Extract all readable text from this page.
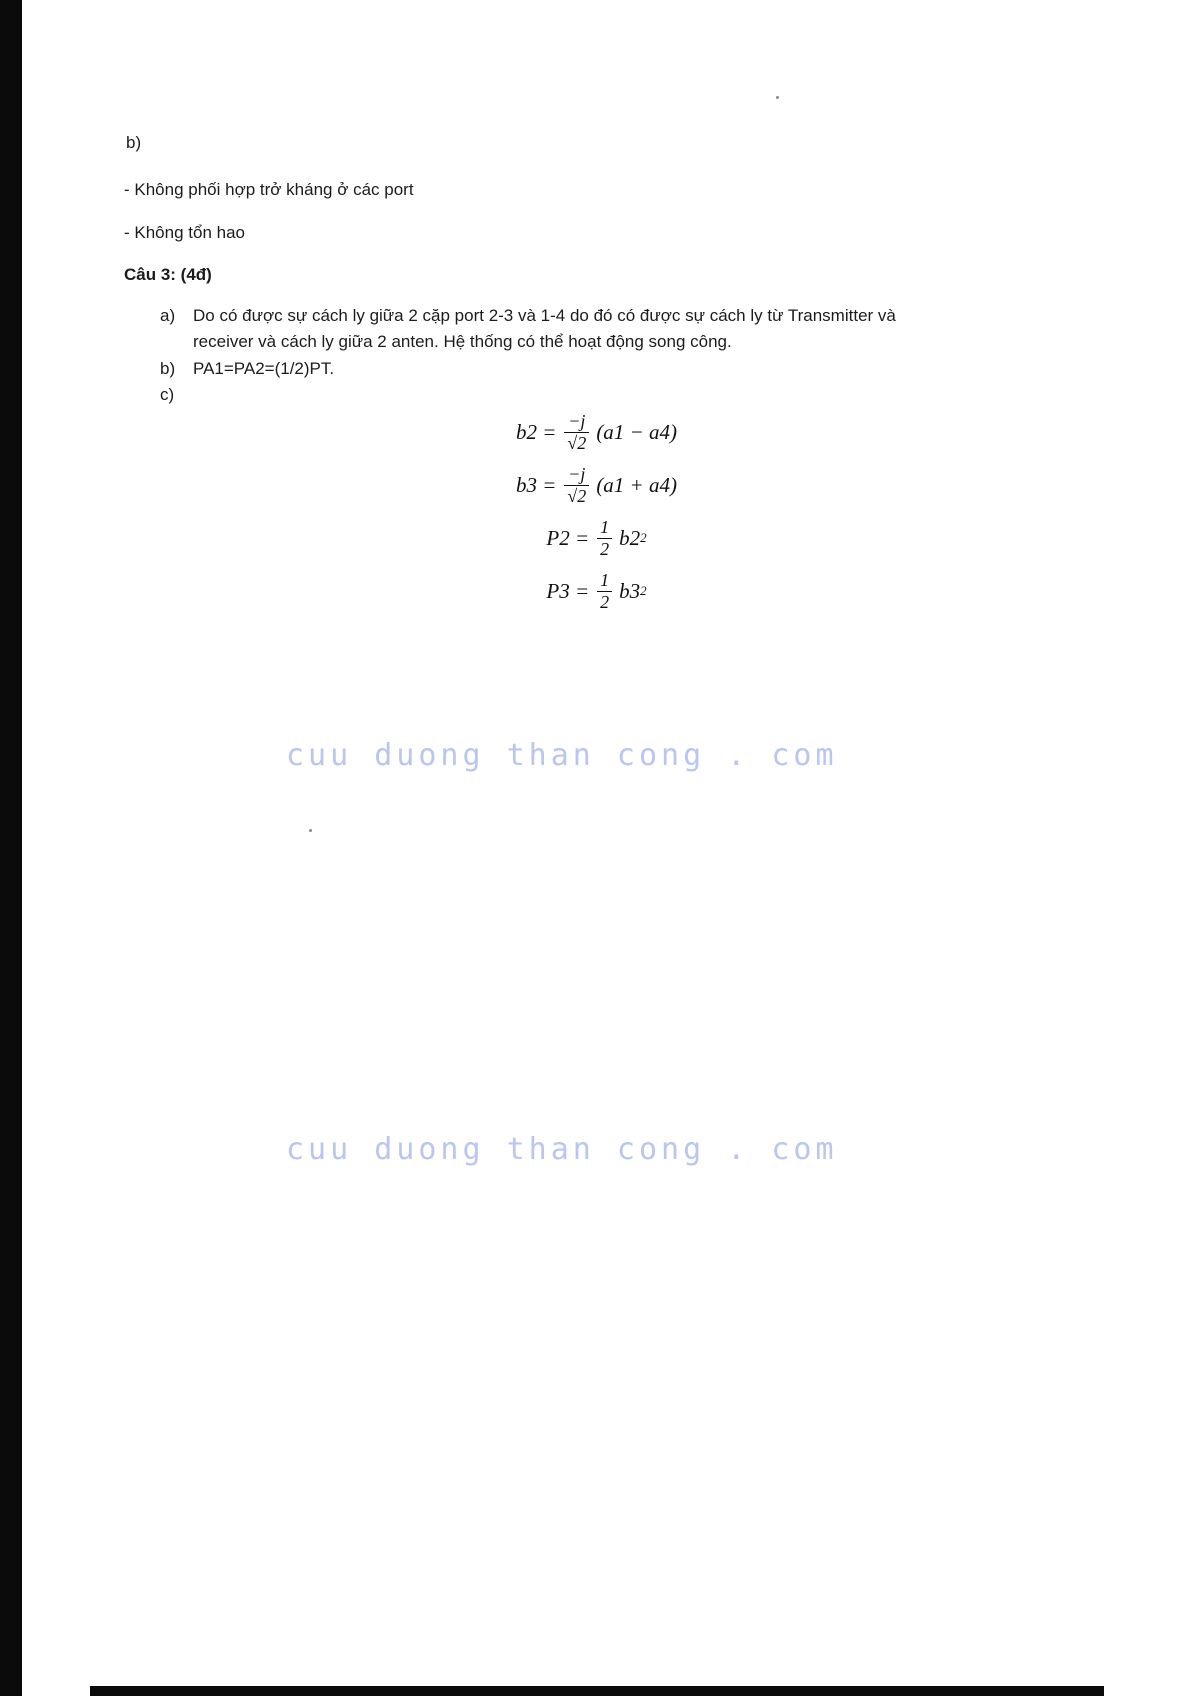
b)
- Không phối hợp trở kháng ở các port
- Không tổn hao
Câu 3: (4đ)
a)	Do có được sự cách ly giữa 2 cặp port 2-3 và 1-4 do đó có được sự cách ly từ Transmitter và receiver và cách ly giữa 2 anten. Hệ thống có thể hoạt động song công.
b)	PA1=PA2=(1/2)PT.
c)
$b2 = \frac{-j}{√2} (a1 - a4)$
$b3 = \frac{-j}{√2} (a1 + a4)$
$P2 = \frac{1}{2} b2$ 2
$P3 = \frac{1}{2} b3$ 2
cuu duong than cong . com
cuu duong than cong . com
